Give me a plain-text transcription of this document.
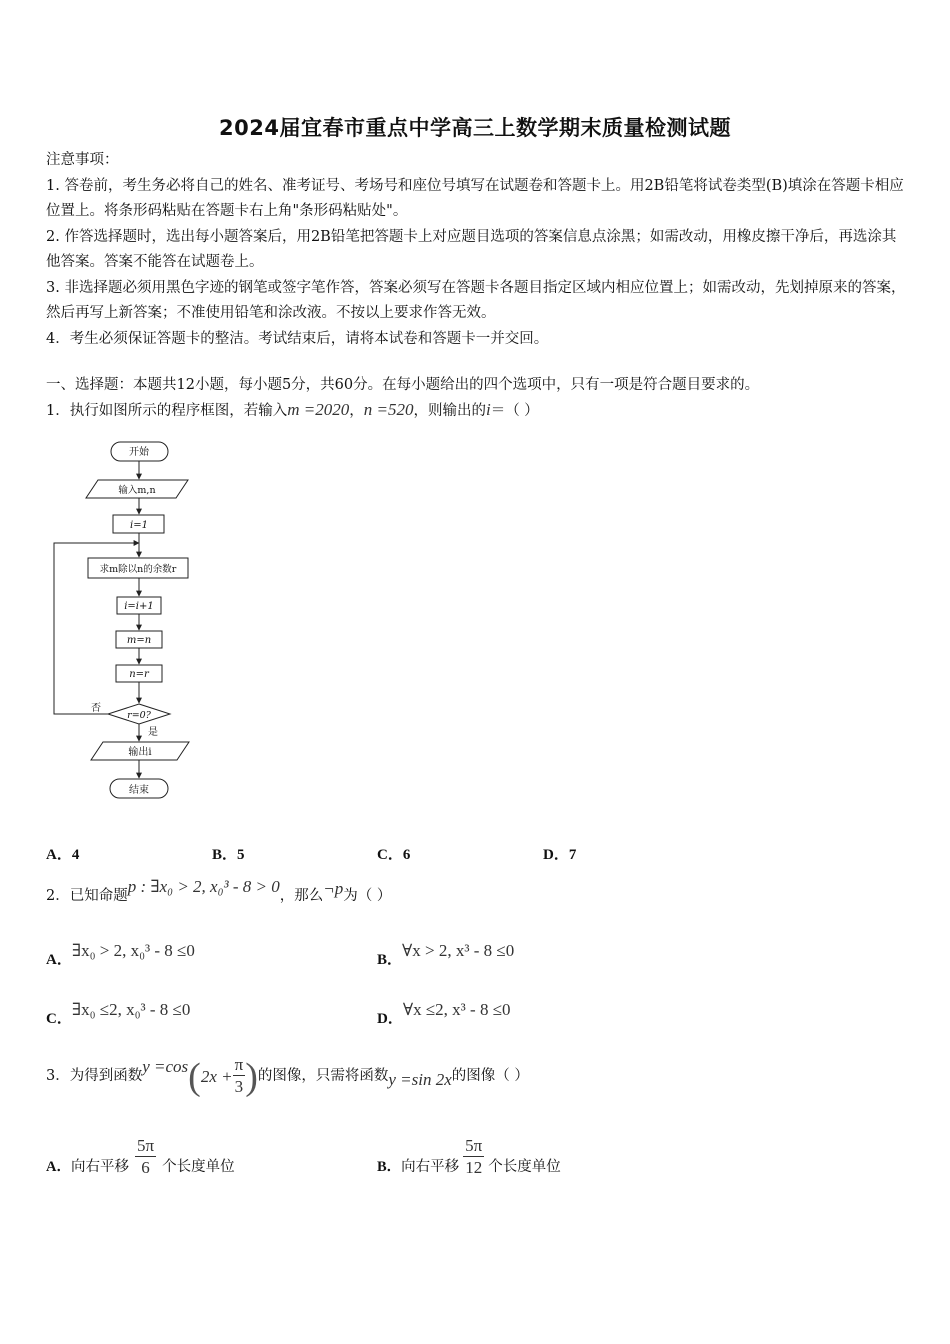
2024届宜春市重点中学高三上数学期末质量检测试题

注意事项：

1. 答卷前，考生务必将自己的姓名、准考证号、考场号和座位号填写在试题卷和答题卡上。用2B铅笔将试卷类型(B)填涂在答题卡相应位置上。将条形码粘贴在答题卡右上角"条形码粘贴处"。

2. 作答选择题时，选出每小题答案后，用2B铅笔把答题卡上对应题目选项的答案信息点涂黑；如需改动，用橡皮擦干净后，再选涂其他答案。答案不能答在试题卷上。

3. 非选择题必须用黑色字迹的钢笔或签字笔作答，答案必须写在答题卡各题目指定区域内相应位置上；如需改动，先划掉原来的答案，然后再写上新答案；不准使用铅笔和涂改液。不按以上要求作答无效。

4．考生必须保证答题卡的整洁。考试结束后，请将本试卷和答题卡一并交回。

一、选择题：本题共12小题，每小题5分，共60分。在每小题给出的四个选项中，只有一项是符合题目要求的。
1．执行如图所示的程序框图，若输入m =2020，n =520，则输出的i＝（ ）
开始
输入m,n
i=1
求m除以n的余数r
i=i+1
m=n
n=r
r=0?
否
是
输出i
结束
A．4	B．5	C．6	D．7
2．已知命题p : ∃x₀ > 2, x₀³ - 8 > 0，那么¬p为（ ）
A．∃x₀ > 2, x₀³ - 8 ≤0	B．∀x > 2, x³ - 8 ≤0
C．∃x₀ ≤2, x₀³ - 8 ≤0	D．∀x ≤2, x³ - 8 ≤0
3．为得到函数 y =cos ( $2x + \frac{\pi}{3}$ ) 的图像，只需将函数 y =sin 2x 的图像（ ）
A． 向右平移 $\frac{5\pi}{6}$ 个长度单位	B． 向右平移 $\frac{5\pi}{12}$ 个长度单位
